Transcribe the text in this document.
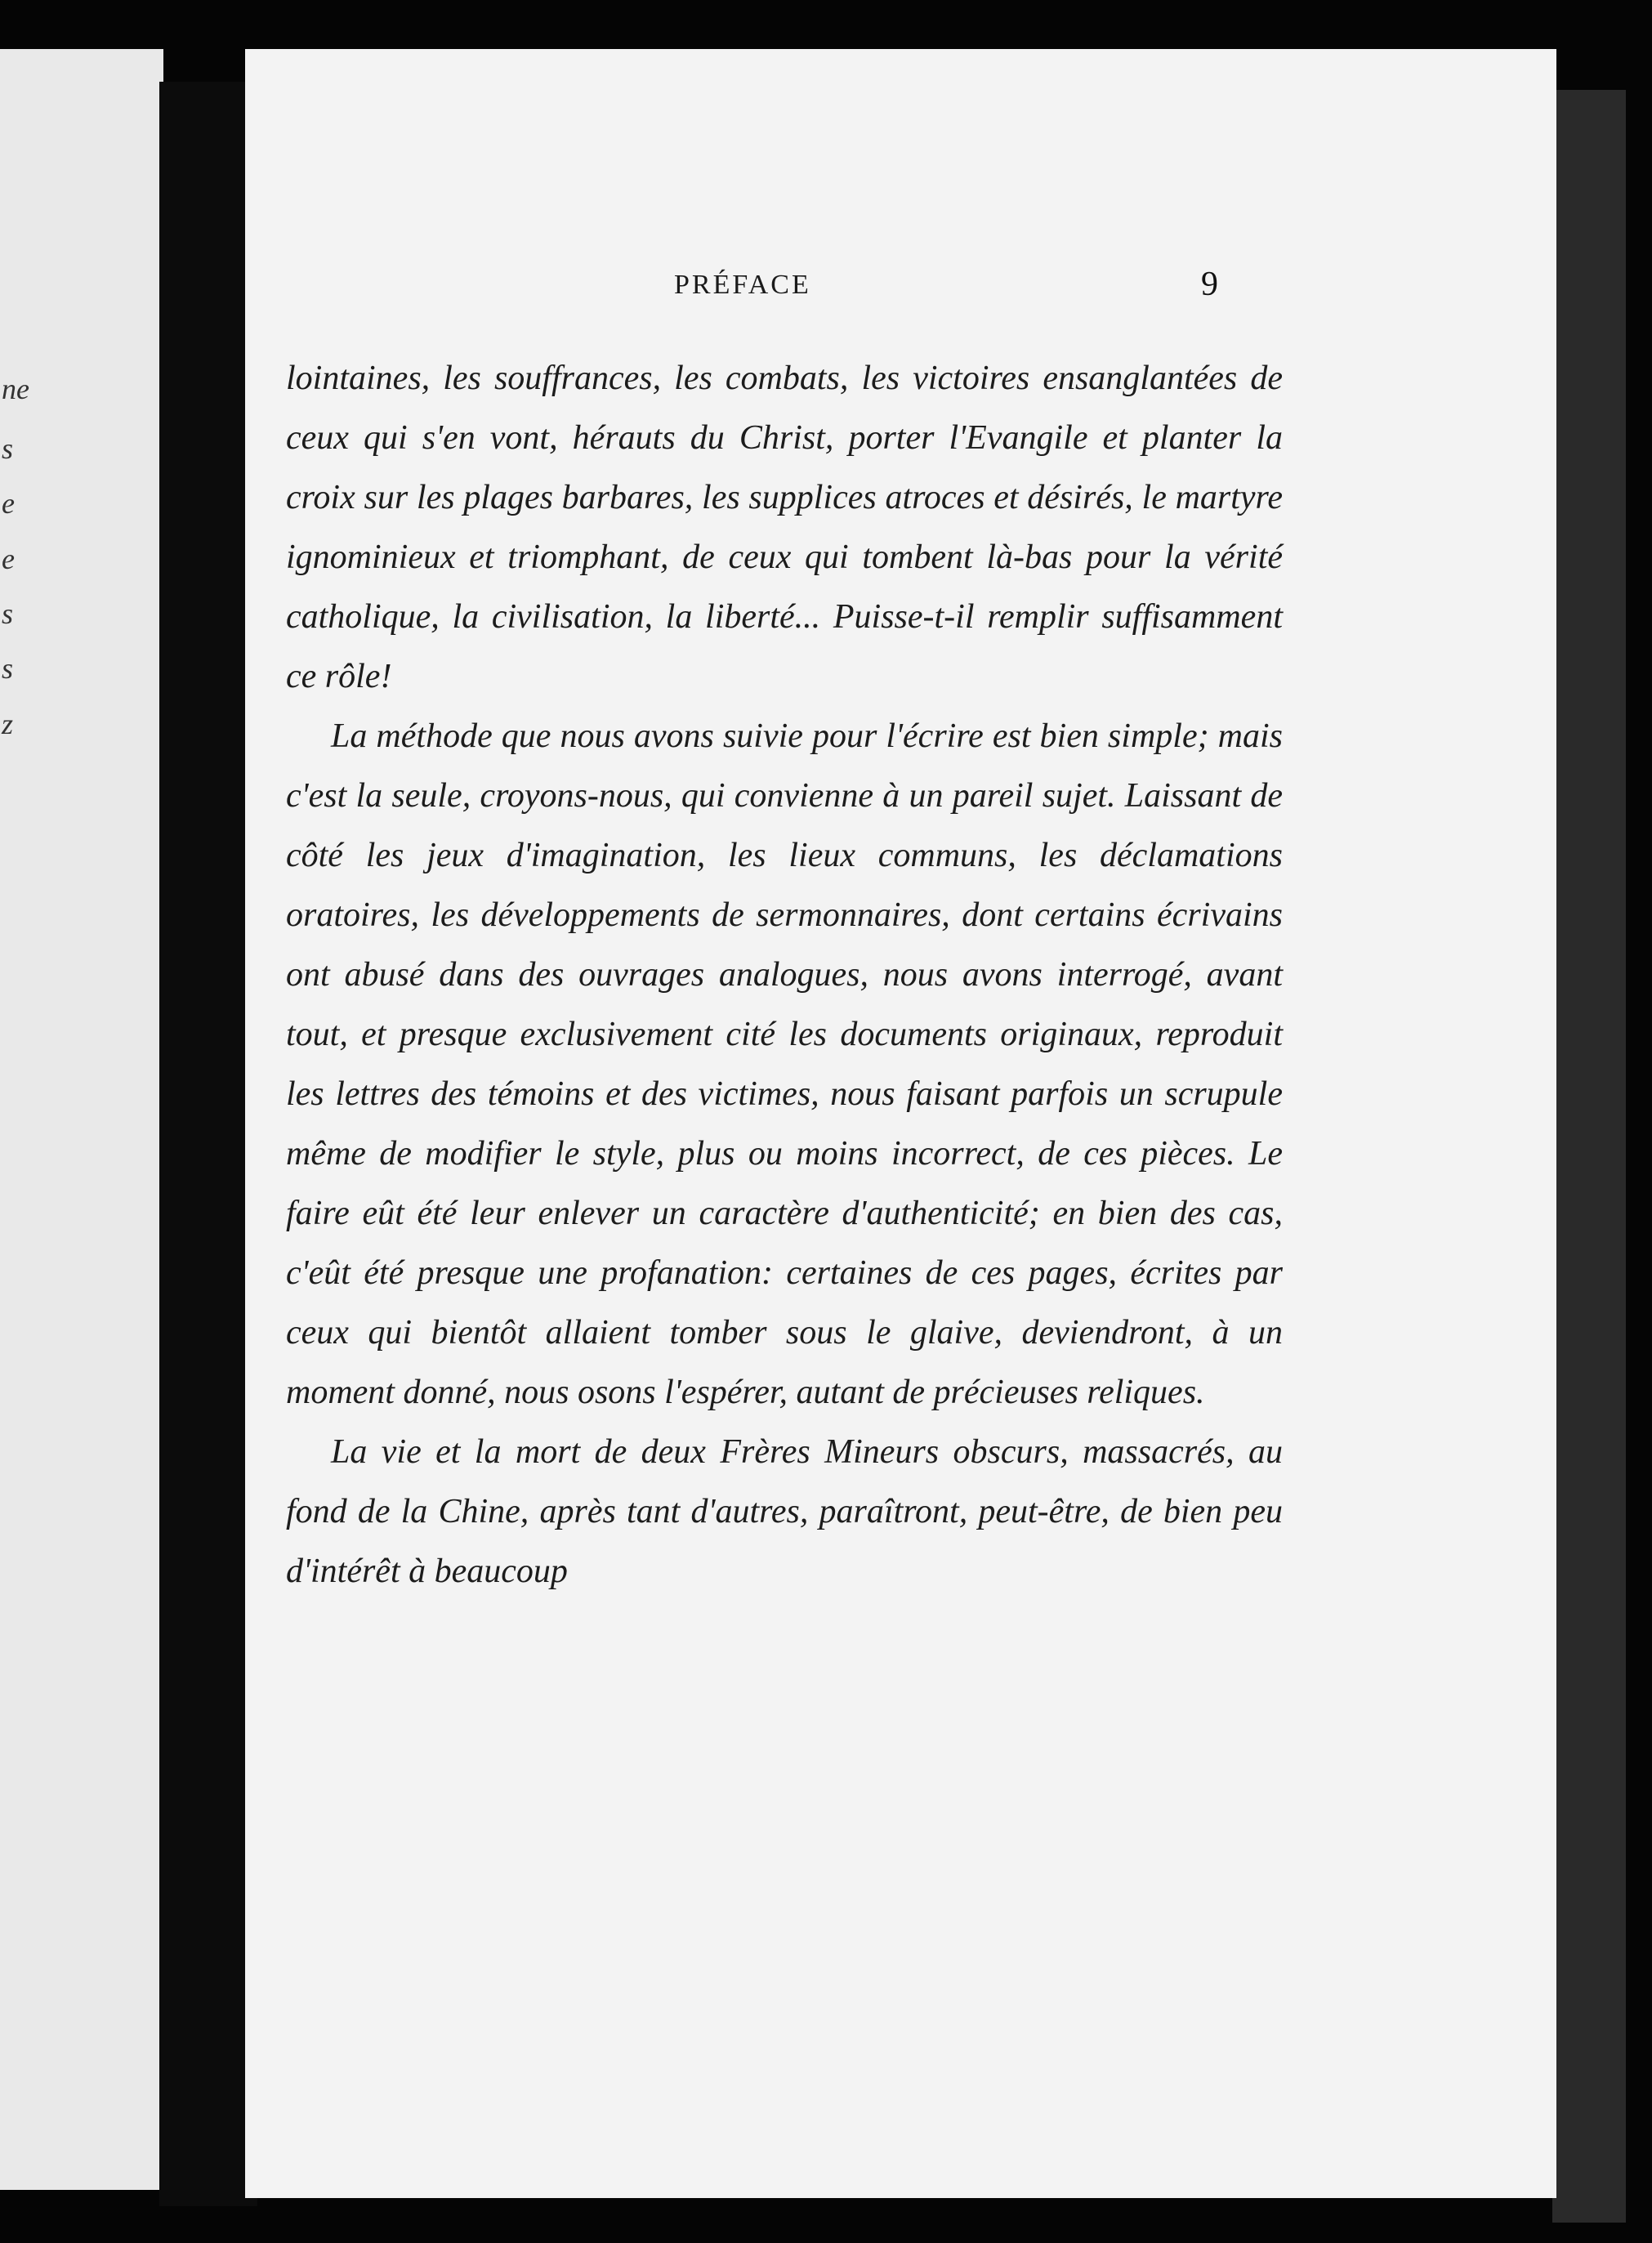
ne
s
e
e
s
s
z
PRÉFACE	9

lointaines, les souffrances, les combats, les victoires ensanglantées de ceux qui s'en vont, hérauts du Christ, porter l'Evangile et planter la croix sur les plages barbares, les supplices atroces et désirés, le martyre ignominieux et triomphant, de ceux qui tombent là-bas pour la vérité catholique, la civilisation, la liberté... Puisse-t-il remplir suffisamment ce rôle!

La méthode que nous avons suivie pour l'écrire est bien simple; mais c'est la seule, croyons-nous, qui convienne à un pareil sujet. Laissant de côté les jeux d'imagination, les lieux communs, les déclamations oratoires, les développements de sermonnaires, dont certains écrivains ont abusé dans des ouvrages analogues, nous avons interrogé, avant tout, et presque exclusivement cité les documents originaux, reproduit les lettres des témoins et des victimes, nous faisant parfois un scrupule même de modifier le style, plus ou moins incorrect, de ces pièces. Le faire eût été leur enlever un caractère d'authenticité; en bien des cas, c'eût été presque une profanation: certaines de ces pages, écrites par ceux qui bientôt allaient tomber sous le glaive, deviendront, à un moment donné, nous osons l'espérer, autant de précieuses reliques.

La vie et la mort de deux Frères Mineurs obscurs, massacrés, au fond de la Chine, après tant d'autres, paraîtront, peut-être, de bien peu d'intérêt à beaucoup
